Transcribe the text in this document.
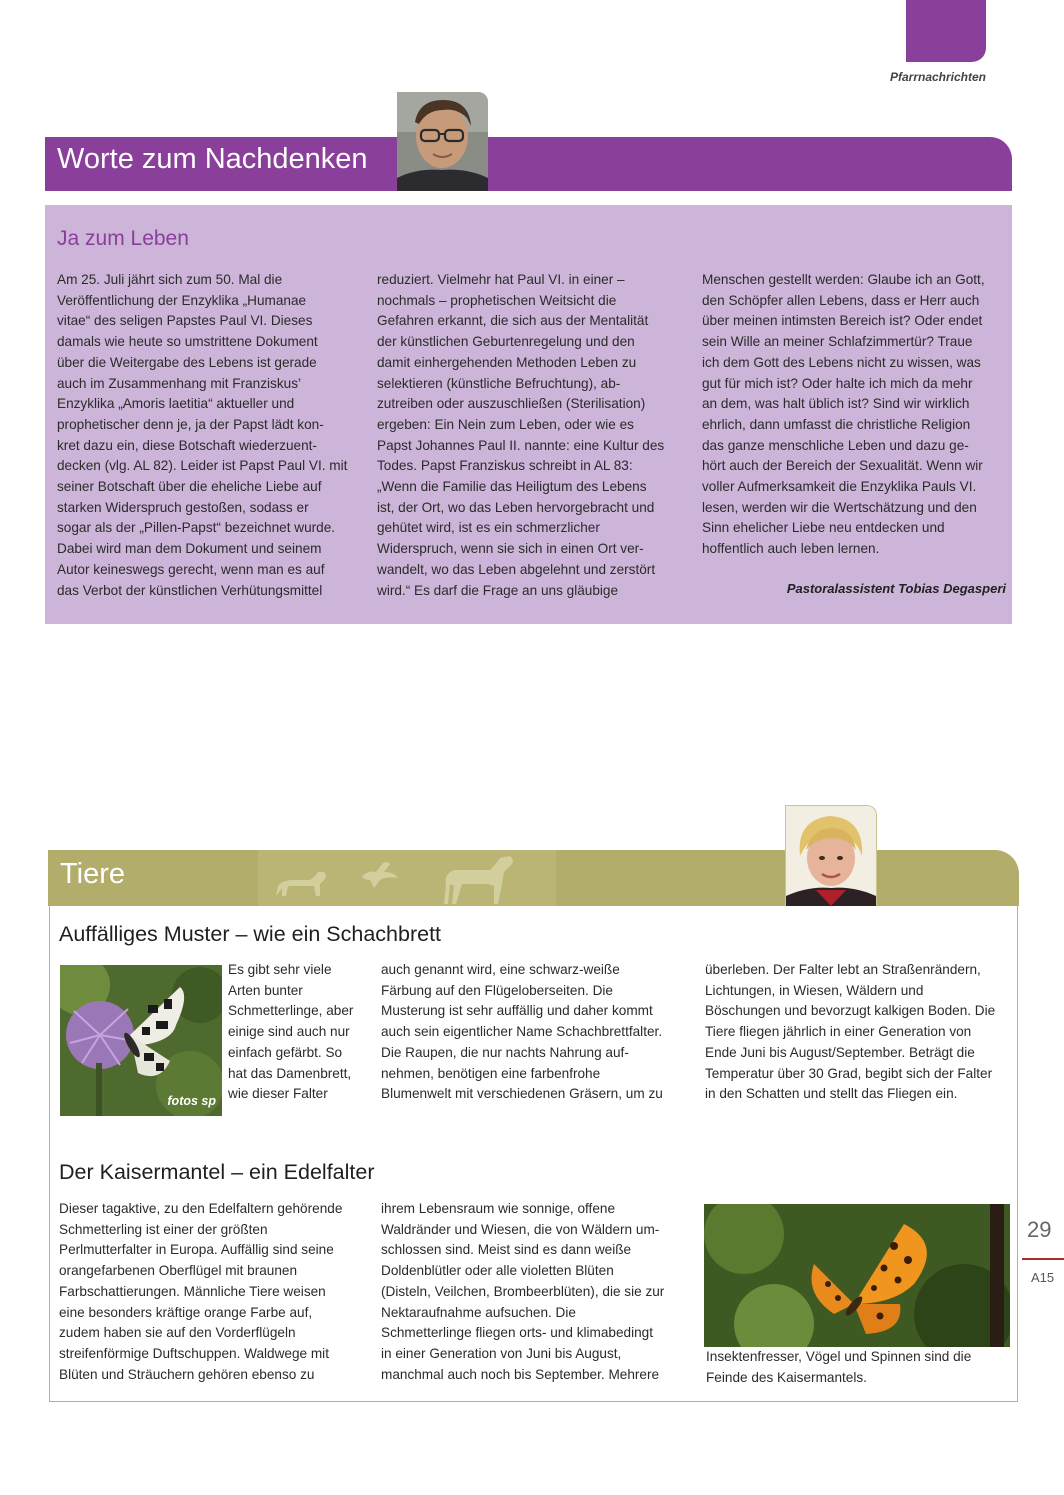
Pfarrnachrichten
Worte zum Nachdenken
Ja zum Leben
Am 25. Juli jährt sich zum 50. Mal die
Veröffentlichung der Enzyklika „Humanae
vitae“ des seligen Papstes Paul VI. Dieses
damals wie heute so umstrittene Dokument
über die Weitergabe des Lebens ist gerade
auch im Zusammenhang mit Franziskus’
Enzyklika „Amoris laetitia“ aktueller und
prophetischer denn je, ja der Papst lädt kon-
kret dazu ein, diese Botschaft wiederzuent-
decken (vlg. AL 82). Leider ist Papst Paul VI. mit
seiner Botschaft über die eheliche Liebe auf
starken Widerspruch gestoßen, sodass er
sogar als der „Pillen-Papst“ bezeichnet wurde.
Dabei wird man dem Dokument und seinem
Autor keineswegs gerecht, wenn man es auf
das Verbot der künstlichen Verhütungsmittel
reduziert. Vielmehr hat Paul VI. in einer –
nochmals – prophetischen Weitsicht die
Gefahren erkannt, die sich aus der Mentalität
der künstlichen Geburtenregelung und den
damit einhergehenden Methoden Leben zu
selektieren (künstliche Befruchtung), ab-
zutreiben oder auszuschließen (Sterilisation)
ergeben: Ein Nein zum Leben, oder wie es
Papst Johannes Paul II. nannte: eine Kultur des
Todes. Papst Franziskus schreibt in AL 83:
„Wenn die Familie das Heiligtum des Lebens
ist, der Ort, wo das Leben hervorgebracht und
gehütet wird, ist es ein schmerzlicher
Widerspruch, wenn sie sich in einen Ort ver-
wandelt, wo das Leben abgelehnt und zerstört
wird.“ Es darf die Frage an uns gläubige
Menschen gestellt werden: Glaube ich an Gott,
den Schöpfer allen Lebens, dass er Herr auch
über meinen intimsten Bereich ist? Oder endet
sein Wille an meiner Schlafzimmertür? Traue
ich dem Gott des Lebens nicht zu wissen, was
gut für mich ist? Oder halte ich mich da mehr
an dem, was halt üblich ist? Sind wir wirklich
ehrlich, dann umfasst die christliche Religion
das ganze menschliche Leben und dazu ge-
hört auch der Bereich der Sexualität. Wenn wir
voller Aufmerksamkeit die Enzyklika Pauls VI.
lesen, werden wir die Wertschätzung und den
Sinn ehelicher Liebe neu entdecken und
hoffentlich auch leben lernen.
Pastoralassistent Tobias Degasperi
Tiere
Auffälliges Muster – wie ein Schachbrett
fotos sp
Es gibt sehr viele
Arten bunter
Schmetterlinge, aber
einige sind auch nur
einfach gefärbt. So
hat das Damenbrett,
wie dieser Falter
auch genannt wird, eine schwarz-weiße
Färbung auf den Flügeloberseiten. Die
Musterung ist sehr auffällig und daher kommt
auch sein eigentlicher Name Schachbrettfalter.
Die Raupen, die nur nachts Nahrung auf-
nehmen, benötigen eine farbenfrohe
Blumenwelt mit verschiedenen Gräsern, um zu
überleben. Der Falter lebt an Straßenrändern,
Lichtungen, in Wiesen, Wäldern und
Böschungen und bevorzugt kalkigen Boden. Die
Tiere fliegen jährlich in einer Generation von
Ende Juni bis August/September. Beträgt die
Temperatur über 30 Grad, begibt sich der Falter
in den Schatten und stellt das Fliegen ein.
Der Kaisermantel – ein Edelfalter
Dieser tagaktive, zu den Edelfaltern gehörende
Schmetterling ist einer der größten
Perlmutterfalter in Europa. Auffällig sind seine
orangefarbenen Oberflügel mit braunen
Farbschattierungen. Männliche Tiere weisen
eine besonders kräftige orange Farbe auf,
zudem haben sie auf den Vorderflügeln
streifenförmige Duftschuppen. Waldwege mit
Blüten und Sträuchern gehören ebenso zu
ihrem Lebensraum wie sonnige, offene
Waldränder und Wiesen, die von Wäldern um-
schlossen sind. Meist sind es dann weiße
Doldenblütler oder alle violetten Blüten
(Disteln, Veilchen, Brombeerblüten), die sie zur
Nektaraufnahme aufsuchen. Die
Schmetterlinge fliegen orts- und klimabedingt
in einer Generation von Juni bis August,
manchmal auch noch bis September. Mehrere
Insektenfresser, Vögel und Spinnen sind die
Feinde des Kaisermantels.
29
A15
